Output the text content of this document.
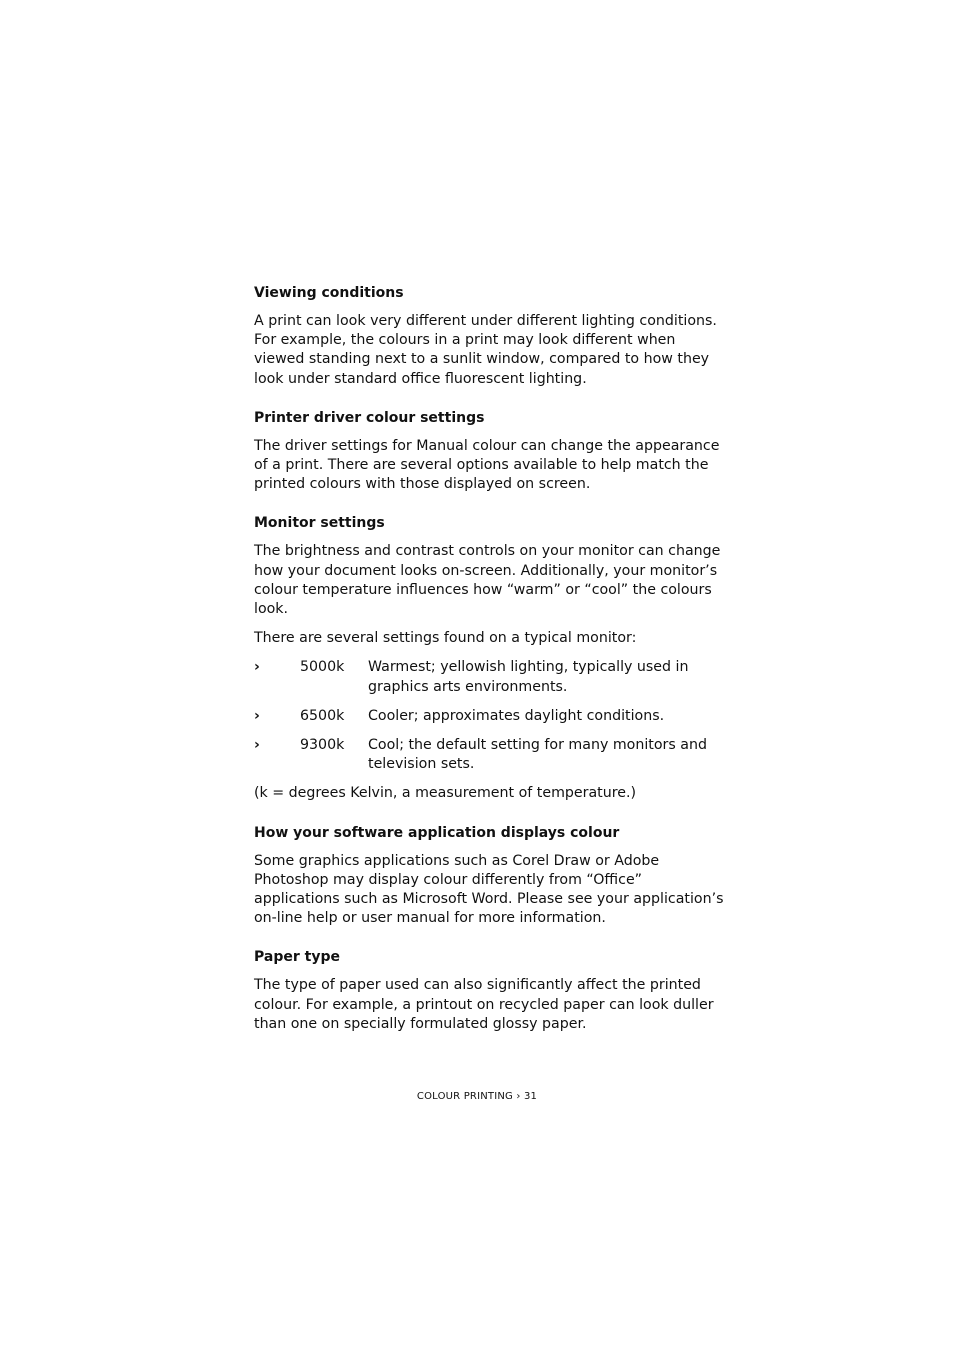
Viewing conditions
A print can look very different under different lighting conditions. For example, the colours in a print may look different when viewed standing next to a sunlit window, compared to how they look under standard office fluorescent lighting.
Printer driver colour settings
The driver settings for Manual colour can change the appearance of a print. There are several options available to help match the printed colours with those displayed on screen.
Monitor settings
The brightness and contrast controls on your monitor can change how your document looks on-screen. Additionally, your monitor’s colour temperature influences how “warm” or “cool” the colours look.
There are several settings found on a typical monitor:
›	5000k Warmest; yellowish lighting, typically used in graphics arts environments.
›	6500k Cooler; approximates daylight conditions.
›	9300k Cool; the default setting for many monitors and television sets.
(k = degrees Kelvin, a measurement of temperature.)
How your software application displays colour
Some graphics applications such as Corel Draw or Adobe Photoshop may display colour differently from “Office” applications such as Microsoft Word. Please see your application’s on-line help or user manual for more information.
Paper type
The type of paper used can also significantly affect the printed colour. For example, a printout on recycled paper can look duller than one on specially formulated glossy paper.
COLOUR PRINTING › 31
